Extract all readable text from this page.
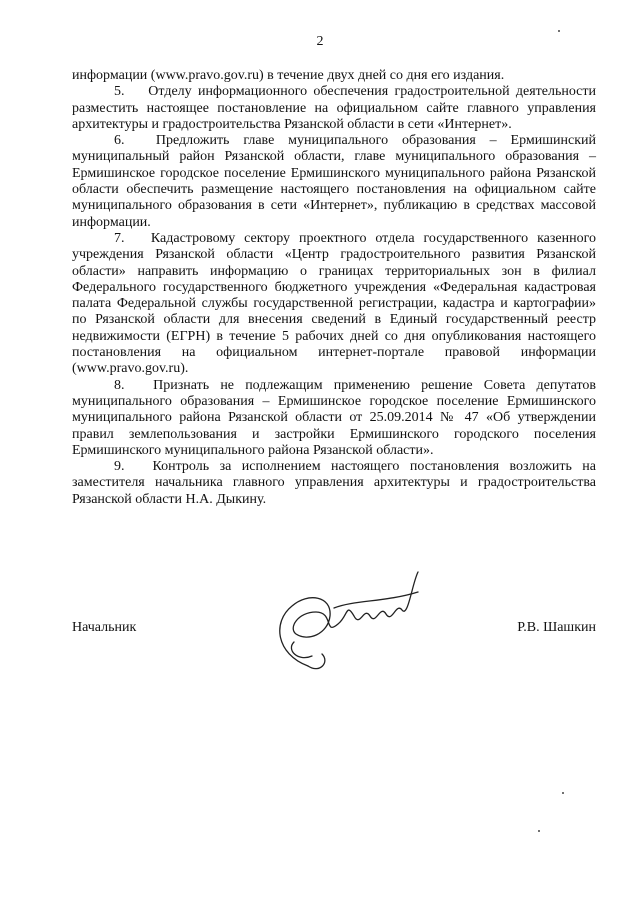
2

информации (www.pravo.gov.ru) в течение двух дней со дня его издания.

5. Отделу информационного обеспечения градостроительной деятельности разместить настоящее постановление на официальном сайте главного управления архитектуры и градостроительства Рязанской области в сети «Интернет».

6. Предложить главе муниципального образования – Ермишинский муниципальный район Рязанской области, главе муниципального образования – Ермишинское городское поселение Ермишинского муниципального района Рязанской области обеспечить размещение настоящего постановления на официальном сайте муниципального образования в сети «Интернет», публикацию в средствах массовой информации.

7. Кадастровому сектору проектного отдела государственного казенного учреждения Рязанской области «Центр градостроительного развития Рязанской области» направить информацию о границах территориальных зон в филиал Федерального государственного бюджетного учреждения «Федеральная кадастровая палата Федеральной службы государственной регистрации, кадастра и картографии» по Рязанской области для внесения сведений в Единый государственный реестр недвижимости (ЕГРН) в течение 5 рабочих дней со дня опубликования настоящего постановления на официальном интернет-портале правовой информации (www.pravo.gov.ru).

8. Признать не подлежащим применению решение Совета депутатов муниципального образования – Ермишинское городское поселение Ермишинского муниципального района Рязанской области от 25.09.2014 № 47 «Об утверждении правил землепользования и застройки Ермишинского городского поселения Ермишинского муниципального района Рязанской области».

9. Контроль за исполнением настоящего постановления возложить на заместителя начальника главного управления архитектуры и градостроительства Рязанской области Н.А. Дыкину.

Начальник	Р.В. Шашкин
